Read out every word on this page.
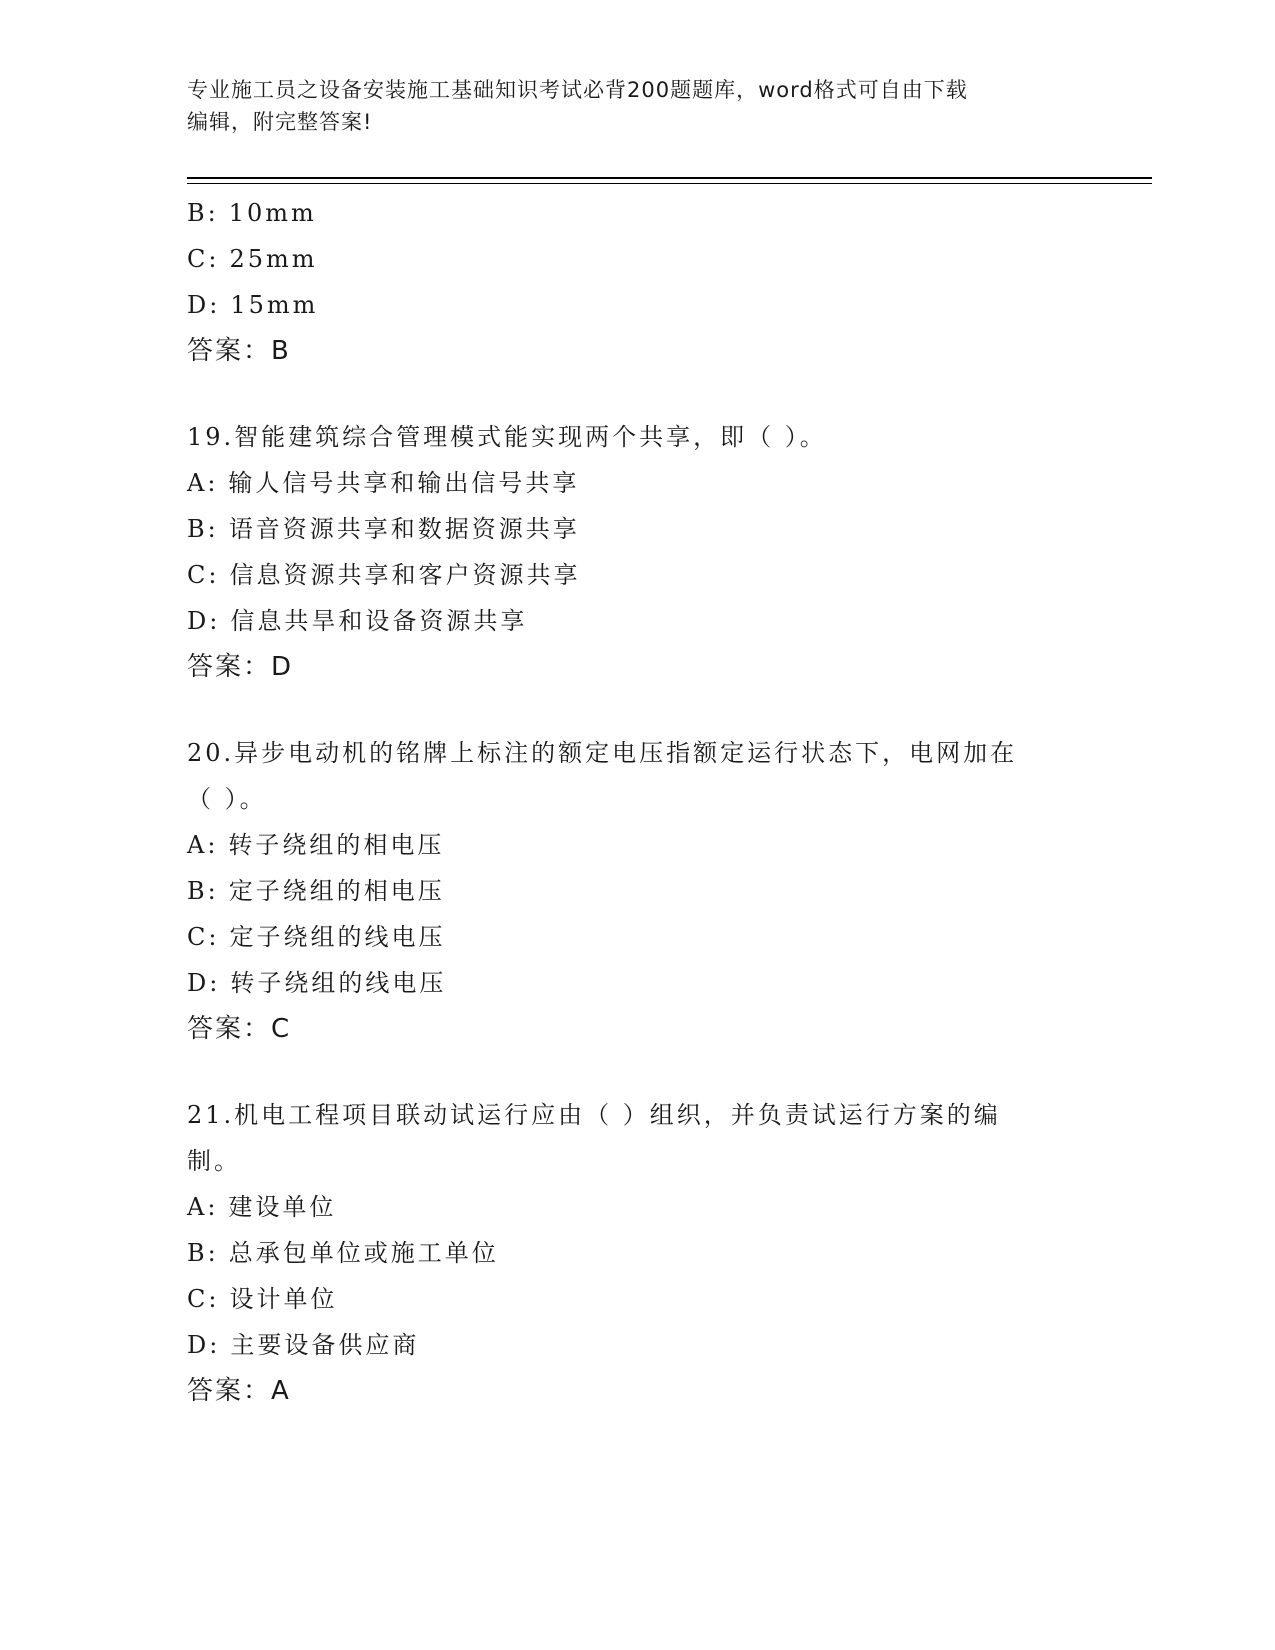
专业施工员之设备安装施工基础知识考试必背200题题库，word格式可自由下载
编辑，附完整答案!
B: 10mm
C: 25mm
D: 15mm
答案：B
19.智能建筑综合管理模式能实现两个共享，即（ ）。
A: 输人信号共享和输出信号共享
B: 语音资源共享和数据资源共享
C: 信息资源共享和客户资源共享
D: 信息共旱和设备资源共享
答案：D
20.异步电动机的铭牌上标注的额定电压指额定运行状态下，电网加在
（ ）。
A: 转子绕组的相电压
B: 定子绕组的相电压
C: 定子绕组的线电压
D: 转子绕组的线电压
答案：C
21.机电工程项目联动试运行应由（ ）组织，并负责试运行方案的编
制。
A: 建设单位
B: 总承包单位或施工单位
C: 设计单位
D: 主要设备供应商
答案：A
